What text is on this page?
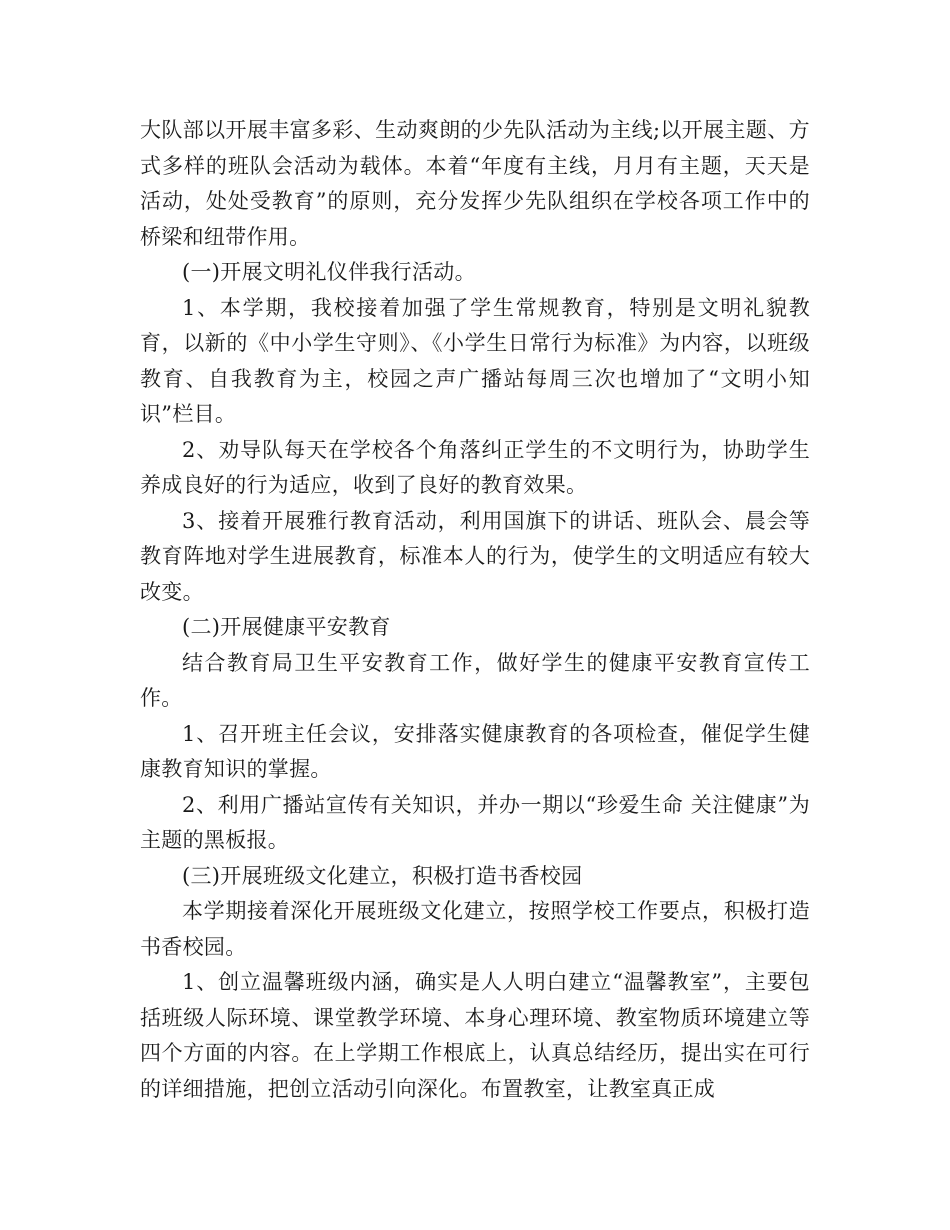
大队部以开展丰富多彩、生动爽朗的少先队活动为主线;以开展主题、方式多样的班队会活动为载体。本着“年度有主线，月月有主题，天天是活动，处处受教育”的原则，充分发挥少先队组织在学校各项工作中的桥梁和纽带作用。

(一)开展文明礼仪伴我行活动。

1、本学期，我校接着加强了学生常规教育，特别是文明礼貌教育，以新的《中小学生守则》、《小学生日常行为标准》为内容，以班级教育、自我教育为主，校园之声广播站每周三次也增加了“文明小知识”栏目。

2、劝导队每天在学校各个角落纠正学生的不文明行为，协助学生养成良好的行为适应，收到了良好的教育效果。

3、接着开展雅行教育活动，利用国旗下的讲话、班队会、晨会等教育阵地对学生进展教育，标准本人的行为，使学生的文明适应有较大改变。

(二)开展健康平安教育

结合教育局卫生平安教育工作，做好学生的健康平安教育宣传工作。

1、召开班主任会议，安排落实健康教育的各项检查，催促学生健康教育知识的掌握。

2、利用广播站宣传有关知识，并办一期以“珍爱生命 关注健康”为主题的黑板报。

(三)开展班级文化建立，积极打造书香校园

本学期接着深化开展班级文化建立，按照学校工作要点，积极打造书香校园。

1、创立温馨班级内涵，确实是人人明白建立“温馨教室”，主要包括班级人际环境、课堂教学环境、本身心理环境、教室物质环境建立等四个方面的内容。在上学期工作根底上，认真总结经历，提出实在可行的详细措施，把创立活动引向深化。布置教室，让教室真正成
